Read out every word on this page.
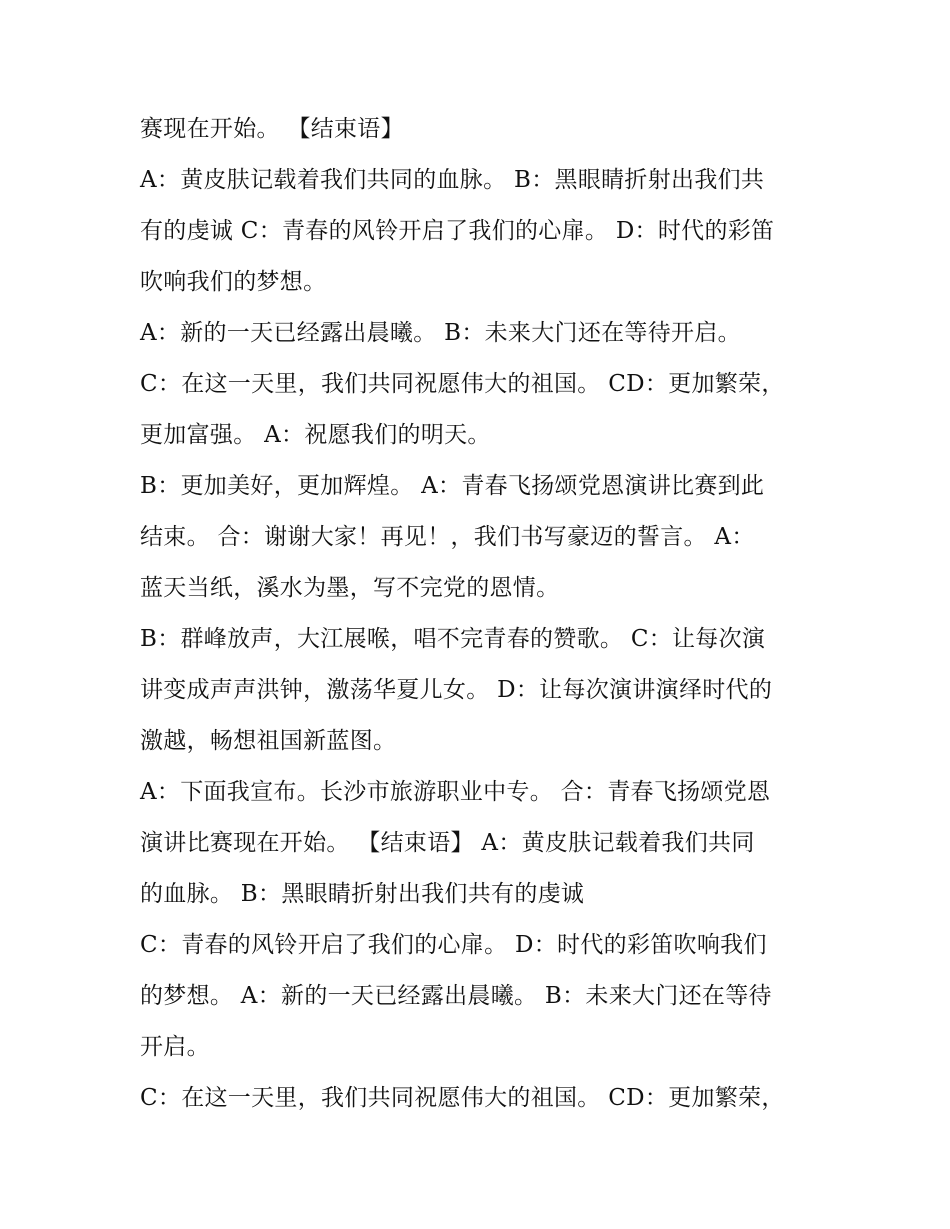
赛现在开始。 【结束语】
A：黄皮肤记载着我们共同的血脉。 B：黑眼睛折射出我们共
有的虔诚 C：青春的风铃开启了我们的心扉。 D：时代的彩笛
吹响我们的梦想。
A：新的一天已经露出晨曦。 B：未来大门还在等待开启。
C：在这一天里，我们共同祝愿伟大的祖国。 CD：更加繁荣，
更加富强。 A：祝愿我们的明天。
B：更加美好，更加辉煌。 A：青春飞扬颂党恩演讲比赛到此
结束。 合：谢谢大家！再见！，我们书写豪迈的誓言。 A：
蓝天当纸，溪水为墨，写不完党的恩情。
B：群峰放声，大江展喉，唱不完青春的赞歌。 C：让每次演
讲变成声声洪钟，激荡华夏儿女。 D：让每次演讲演绎时代的
激越，畅想祖国新蓝图。
A：下面我宣布。长沙市旅游职业中专。 合：青春飞扬颂党恩
演讲比赛现在开始。 【结束语】 A：黄皮肤记载着我们共同
的血脉。 B：黑眼睛折射出我们共有的虔诚
C：青春的风铃开启了我们的心扉。 D：时代的彩笛吹响我们
的梦想。 A：新的一天已经露出晨曦。 B：未来大门还在等待
开启。
C：在这一天里，我们共同祝愿伟大的祖国。 CD：更加繁荣，
